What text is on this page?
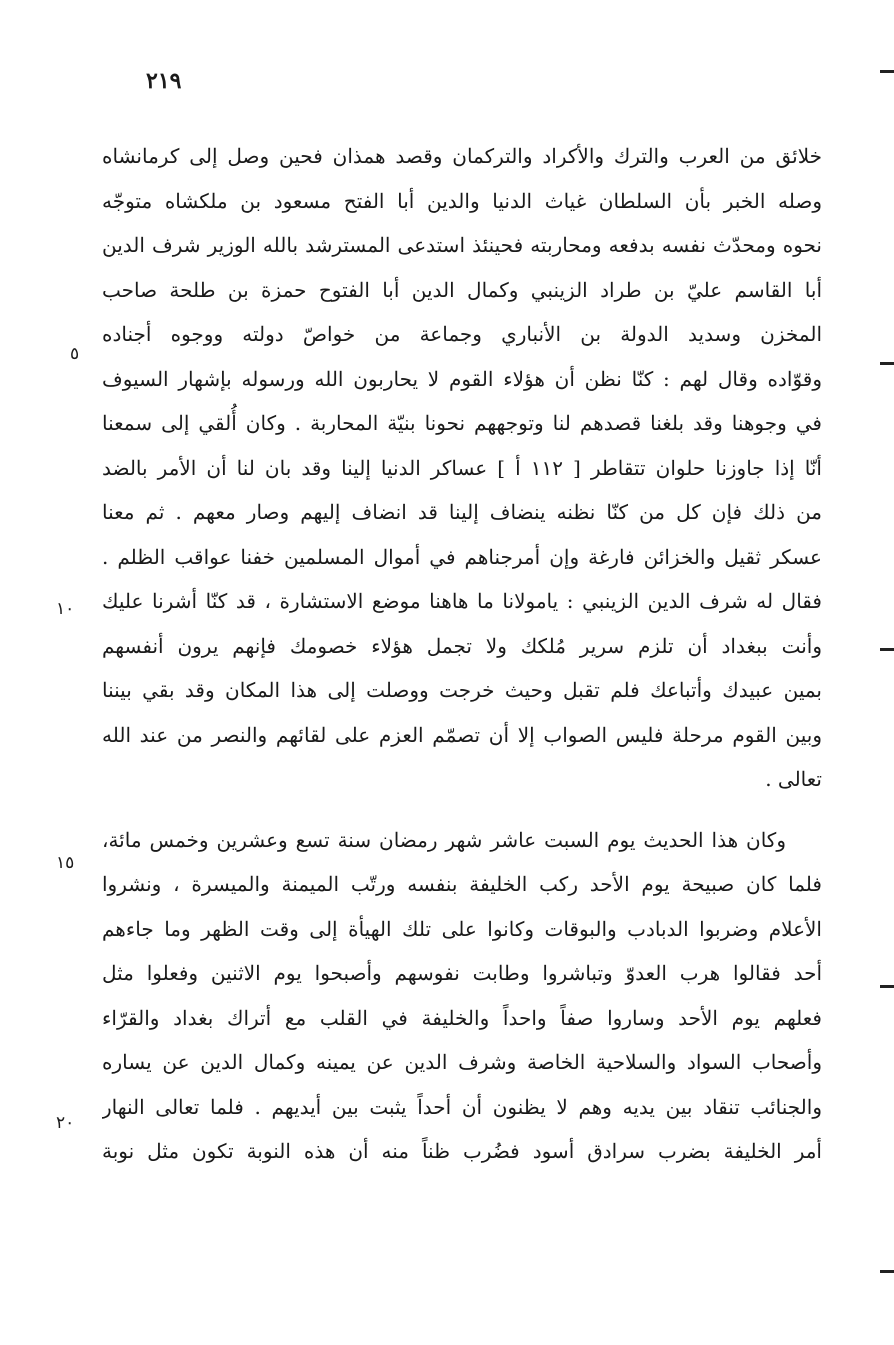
٢١٩
خلائق من العرب والترك والأكراد والتركمان وقصد همذان فحين وصل إلى كرمانشاه
وصله الخبر بأن السلطان غياث الدنيا والدين أبا الفتح مسعود بن ملكشاه متوجّه
نحوه ومحدّث نفسه بدفعه ومحاربته فحينئذ استدعى المسترشد بالله الوزير شرف الدين
أبا القاسم عليّ بن طراد الزينبي وكمال الدين أبا الفتوح حمزة بن طلحة صاحب
المخزن وسديد الدولة بن الأنباري وجماعة من خواصّ دولته ووجوه أجناده
وقوّاده وقال لهم : كنّا نظن أن هؤلاء القوم لا يحاربون الله ورسوله بإشهار السيوف
في وجوهنا وقد بلغنا قصدهم لنا وتوجههم نحونا بنيّة المحاربة . وكان أُلقي إلى سمعنا
أنّا إذا جاوزنا حلوان تتقاطر [ ١١٢ أ ] عساكر الدنيا إلينا وقد بان لنا أن الأمر بالضد
من ذلك فإن كل من كنّا نظنه ينضاف إلينا قد انضاف إليهم وصار معهم . ثم معنا
عسكر ثقيل والخزائن فارغة وإن أمرجناهم في أموال المسلمين خفنا عواقب الظلم .
فقال له شرف الدين الزينبي : يامولانا ما هاهنا موضع الاستشارة ، قد كنّا أشرنا عليك
وأنت ببغداد أن تلزم سرير مُلكك ولا تجمل هؤلاء خصومك فإنهم يرون أنفسهم
بمين عبيدك وأتباعك فلم تقبل وحيث خرجت ووصلت إلى هذا المكان وقد بقي بيننا
وبين القوم مرحلة فليس الصواب إلا أن تصمّم العزم على لقائهم والنصر من عند الله
تعالى .
وكان هذا الحديث يوم السبت عاشر شهر رمضان سنة تسع وعشرين وخمس مائة،
فلما كان صبيحة يوم الأحد ركب الخليفة بنفسه ورتّب الميمنة والميسرة ، ونشروا
الأعلام وضربوا الدبادب والبوقات وكانوا على تلك الهيأة إلى وقت الظهر وما جاءهم
أحد فقالوا هرب العدوّ وتباشروا وطابت نفوسهم وأصبحوا يوم الاثنين وفعلوا مثل
فعلهم يوم الأحد وساروا صفاً واحداً والخليفة في القلب مع أتراك بغداد والقرّاء
وأصحاب السواد والسلاحية الخاصة وشرف الدين عن يمينه وكمال الدين عن يساره
والجنائب تنقاد بين يديه وهم لا يظنون أن أحداً يثبت بين أيديهم . فلما تعالى النهار
أمر الخليفة بضرب سرادق أسود فضُرب ظناً منه أن هذه النوبة تكون مثل نوبة
٥
١٠
١٥
٢٠
